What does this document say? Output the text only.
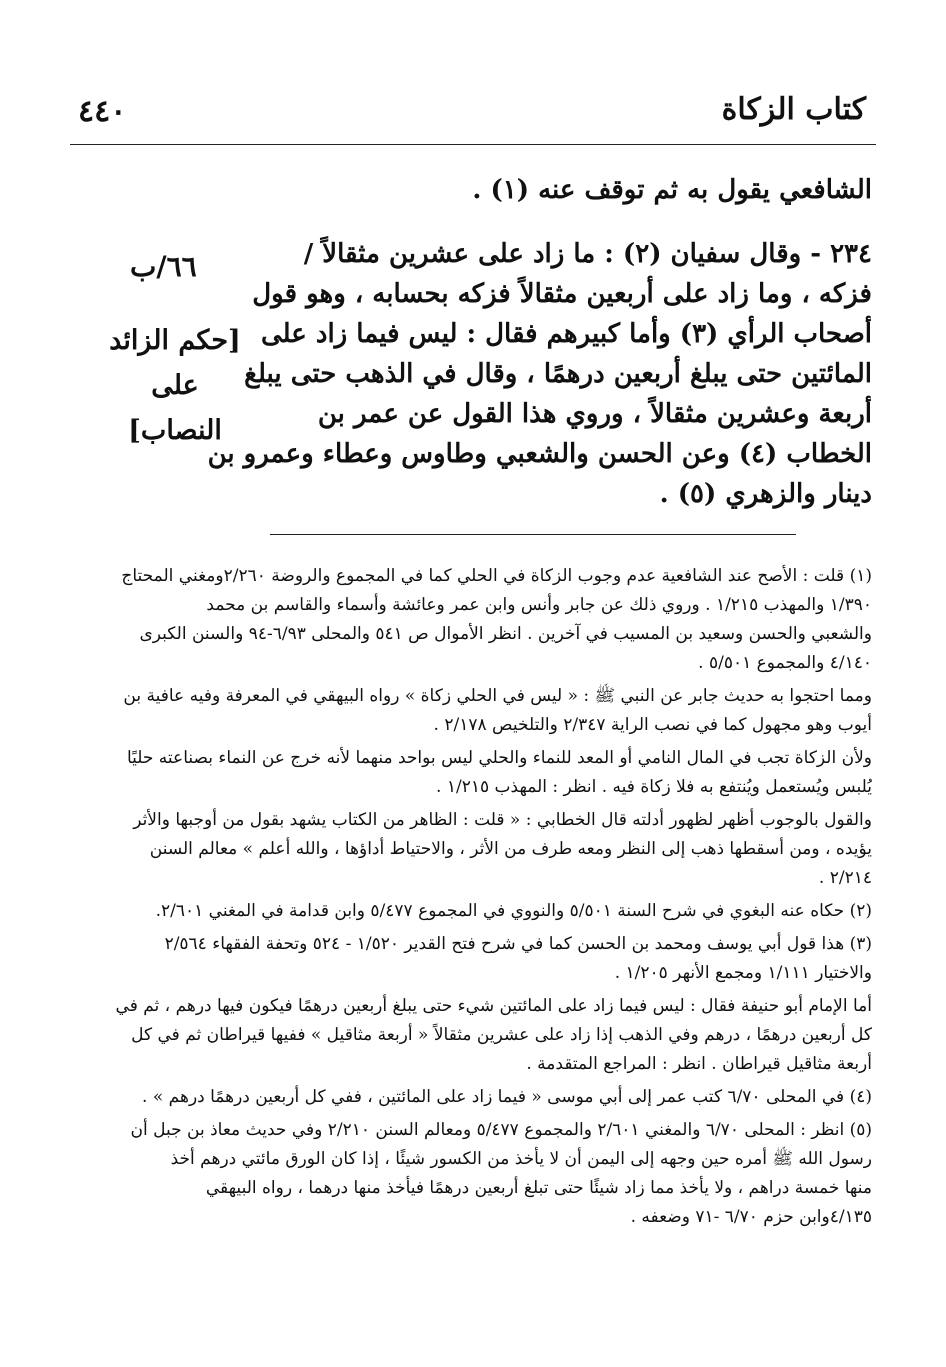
كتاب الزكاة
٤٤٠
الشافعي يقول به ثم توقف عنه (١) .
٢٣٤ - وقال سفيان (٢) : ما زاد على عشرين مثقالاً /
فزكه ، وما زاد على أربعين مثقالاً فزكه بحسابه ، وهو قول
أصحاب الرأي (٣) وأما كبيرهم فقال : ليس فيما زاد على
المائتين حتى يبلغ أربعين درهمًا ، وقال في الذهب حتى يبلغ
أربعة وعشرين مثقالاً ، وروي هذا القول عن عمر بن
الخطاب (٤) وعن الحسن والشعبي وطاوس وعطاء وعمرو بن
دينار والزهري (٥) .
٦٦/ب
[حكم الزائد
على
النصاب]
(١) قلت : الأصح عند الشافعية عدم وجوب الزكاة في الحلي كما في المجموع والروضة ٢/٢٦٠ومغني المحتاج
١/٣٩٠ والمهذب ١/٢١٥ . وروي ذلك عن جابر وأنس وابن عمر وعائشة وأسماء والقاسم بن محمد
والشعبي والحسن وسعيد بن المسيب في آخرين . انظر الأموال ص ٥٤١ والمحلى ٦/٩٣-٩٤ والسنن الكبرى
٤/١٤٠ والمجموع ٥/٥٠١ .
ومما احتجوا به حديث جابر عن النبي ﷺ : « ليس في الحلي زكاة » رواه البيهقي في المعرفة وفيه عافية بن
أيوب وهو مجهول كما في نصب الراية ٢/٣٤٧ والتلخيص ٢/١٧٨ .
ولأن الزكاة تجب في المال النامي أو المعد للنماء والحلي ليس بواحد منهما لأنه خرج عن النماء بصناعته حليًا
يُلبس ويُستعمل ويُنتفع به فلا زكاة فيه . انظر : المهذب ١/٢١٥ .
والقول بالوجوب أظهر لظهور أدلته قال الخطابي : « قلت : الظاهر من الكتاب يشهد بقول من أوجبها والأثر
يؤيده ، ومن أسقطها ذهب إلى النظر ومعه طرف من الأثر ، والاحتياط أداؤها ، والله أعلم » معالم السنن
٢/٢١٤ .
(٢) حكاه عنه البغوي في شرح السنة ٥/٥٠١ والنووي في المجموع ٥/٤٧٧ وابن قدامة في المغني ٢/٦٠١.
(٣) هذا قول أبي يوسف ومحمد بن الحسن كما في شرح فتح القدير ١/٥٢٠ - ٥٢٤ وتحفة الفقهاء ٢/٥٦٤
والاختيار ١/١١١ ومجمع الأنهر ١/٢٠٥ .
أما الإمام أبو حنيفة فقال : ليس فيما زاد على المائتين شيء حتى يبلغ أربعين درهمًا فيكون فيها درهم ، ثم في
كل أربعين درهمًا ، درهم وفي الذهب إذا زاد على عشرين مثقالاً « أربعة مثاقيل » ففيها قيراطان ثم في كل
أربعة مثاقيل قيراطان . انظر : المراجع المتقدمة .
(٤) في المحلى ٦/٧٠ كتب عمر إلى أبي موسى « فيما زاد على المائتين ، ففي كل أربعين درهمًا درهم » .
(٥) انظر : المحلى ٦/٧٠ والمغني ٢/٦٠١ والمجموع ٥/٤٧٧ ومعالم السنن ٢/٢١٠ وفي حديث معاذ بن جبل أن
رسول الله ﷺ أمره حين وجهه إلى اليمن أن لا يأخذ من الكسور شيئًا ، إذا كان الورق مائتي درهم أخذ
منها خمسة دراهم ، ولا يأخذ مما زاد شيئًا حتى تبلغ أربعين درهمًا فيأخذ منها درهما ، رواه البيهقي
٤/١٣٥وابن حزم ٦/٧٠ -٧١ وضعفه .
